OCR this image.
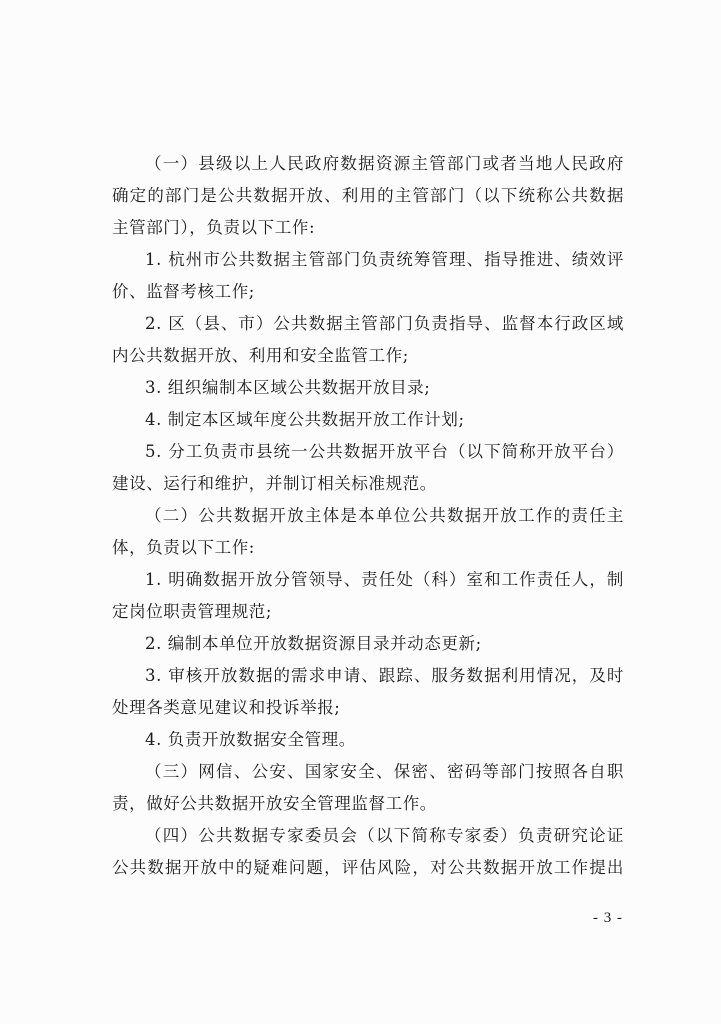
（一）县级以上人民政府数据资源主管部门或者当地人民政府
确定的部门是公共数据开放、利用的主管部门（以下统称公共数据
主管部门），负责以下工作:
1. 杭州市公共数据主管部门负责统筹管理、指导推进、绩效评
价、监督考核工作;
2. 区（县、市）公共数据主管部门负责指导、监督本行政区域
内公共数据开放、利用和安全监管工作;
3. 组织编制本区域公共数据开放目录;
4. 制定本区域年度公共数据开放工作计划;
5. 分工负责市县统一公共数据开放平台（以下简称开放平台）
建设、运行和维护，并制订相关标准规范。
（二）公共数据开放主体是本单位公共数据开放工作的责任主
体，负责以下工作:
1. 明确数据开放分管领导、责任处（科）室和工作责任人，制
定岗位职责管理规范;
2. 编制本单位开放数据资源目录并动态更新;
3. 审核开放数据的需求申请、跟踪、服务数据利用情况，及时
处理各类意见建议和投诉举报;
4. 负责开放数据安全管理。
（三）网信、公安、国家安全、保密、密码等部门按照各自职
责，做好公共数据开放安全管理监督工作。
（四）公共数据专家委员会（以下简称专家委）负责研究论证
公共数据开放中的疑难问题，评估风险，对公共数据开放工作提出
- 3 -
